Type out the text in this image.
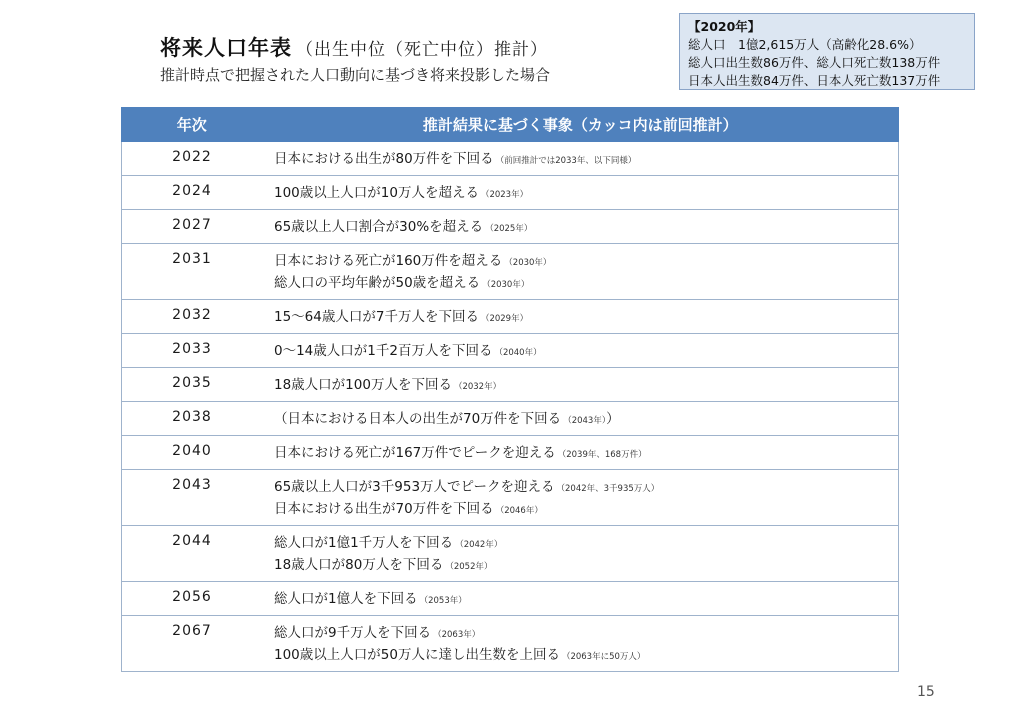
将来人口年表 （出生中位（死亡中位）推計）
推計時点で把握された人口動向に基づき将来投影した場合
【2020年】
総人口　1億2,615万人（高齢化28.6%）
総人口出生数86万件、総人口死亡数138万件
日本人出生数84万件、日本人死亡数137万件
年次	推計結果に基づく事象（カッコ内は前回推計）
2022	日本における出生が80万件を下回る （前回推計では2033年、以下同様）

2024	100歳以上人口が10万人を超える （2023年）

2027	65歳以上人口割合が30%を超える （2025年）

2031	日本における死亡が160万件を超える （2030年）
総人口の平均年齢が50歳を超える （2030年）

2032	15～64歳人口が7千万人を下回る （2029年）

2033	0～14歳人口が1千2百万人を下回る （2040年）

2035	18歳人口が100万人を下回る （2032年）

2038	（日本における日本人の出生が70万件を下回る （2043年））

2040	日本における死亡が167万件でピークを迎える （2039年、168万件）

2043	65歳以上人口が3千953万人でピークを迎える （2042年、3千935万人）
日本における出生が70万件を下回る （2046年）

2044	総人口が1億1千万人を下回る （2042年）
18歳人口が80万人を下回る （2052年）

2056	総人口が1億人を下回る （2053年）

2067	総人口が9千万人を下回る （2063年）
100歳以上人口が50万人に達し出生数を上回る （2063年に50万人）
15
